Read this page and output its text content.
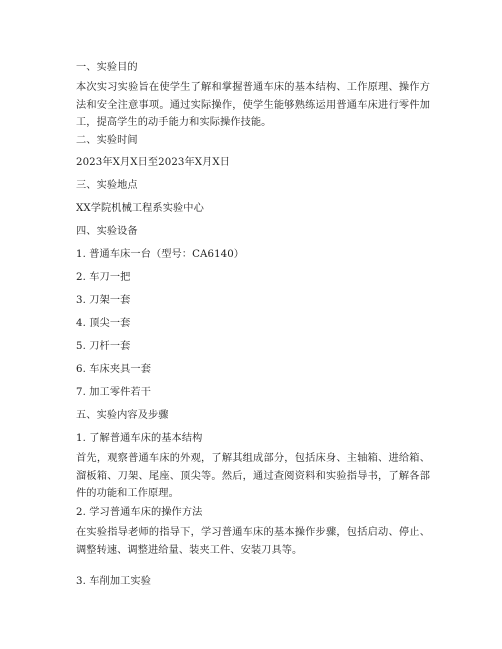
一、实验目的
本次实习实验旨在使学生了解和掌握普通车床的基本结构、工作原理、操作方法和安全注意事项。通过实际操作，使学生能够熟练运用普通车床进行零件加工，提高学生的动手能力和实际操作技能。
二、实验时间
2023年X月X日至2023年X月X日
三、实验地点
XX学院机械工程系实验中心
四、实验设备
1. 普通车床一台（型号：CA6140）
2. 车刀一把
3. 刀架一套
4. 顶尖一套
5. 刀杆一套
6. 车床夹具一套
7. 加工零件若干
五、实验内容及步骤
1. 了解普通车床的基本结构
首先，观察普通车床的外观，了解其组成部分，包括床身、主轴箱、进给箱、溜板箱、刀架、尾座、顶尖等。然后，通过查阅资料和实验指导书，了解各部件的功能和工作原理。
2. 学习普通车床的操作方法
在实验指导老师的指导下，学习普通车床的基本操作步骤，包括启动、停止、调整转速、调整进给量、装夹工件、安装刀具等。
3. 车削加工实验
